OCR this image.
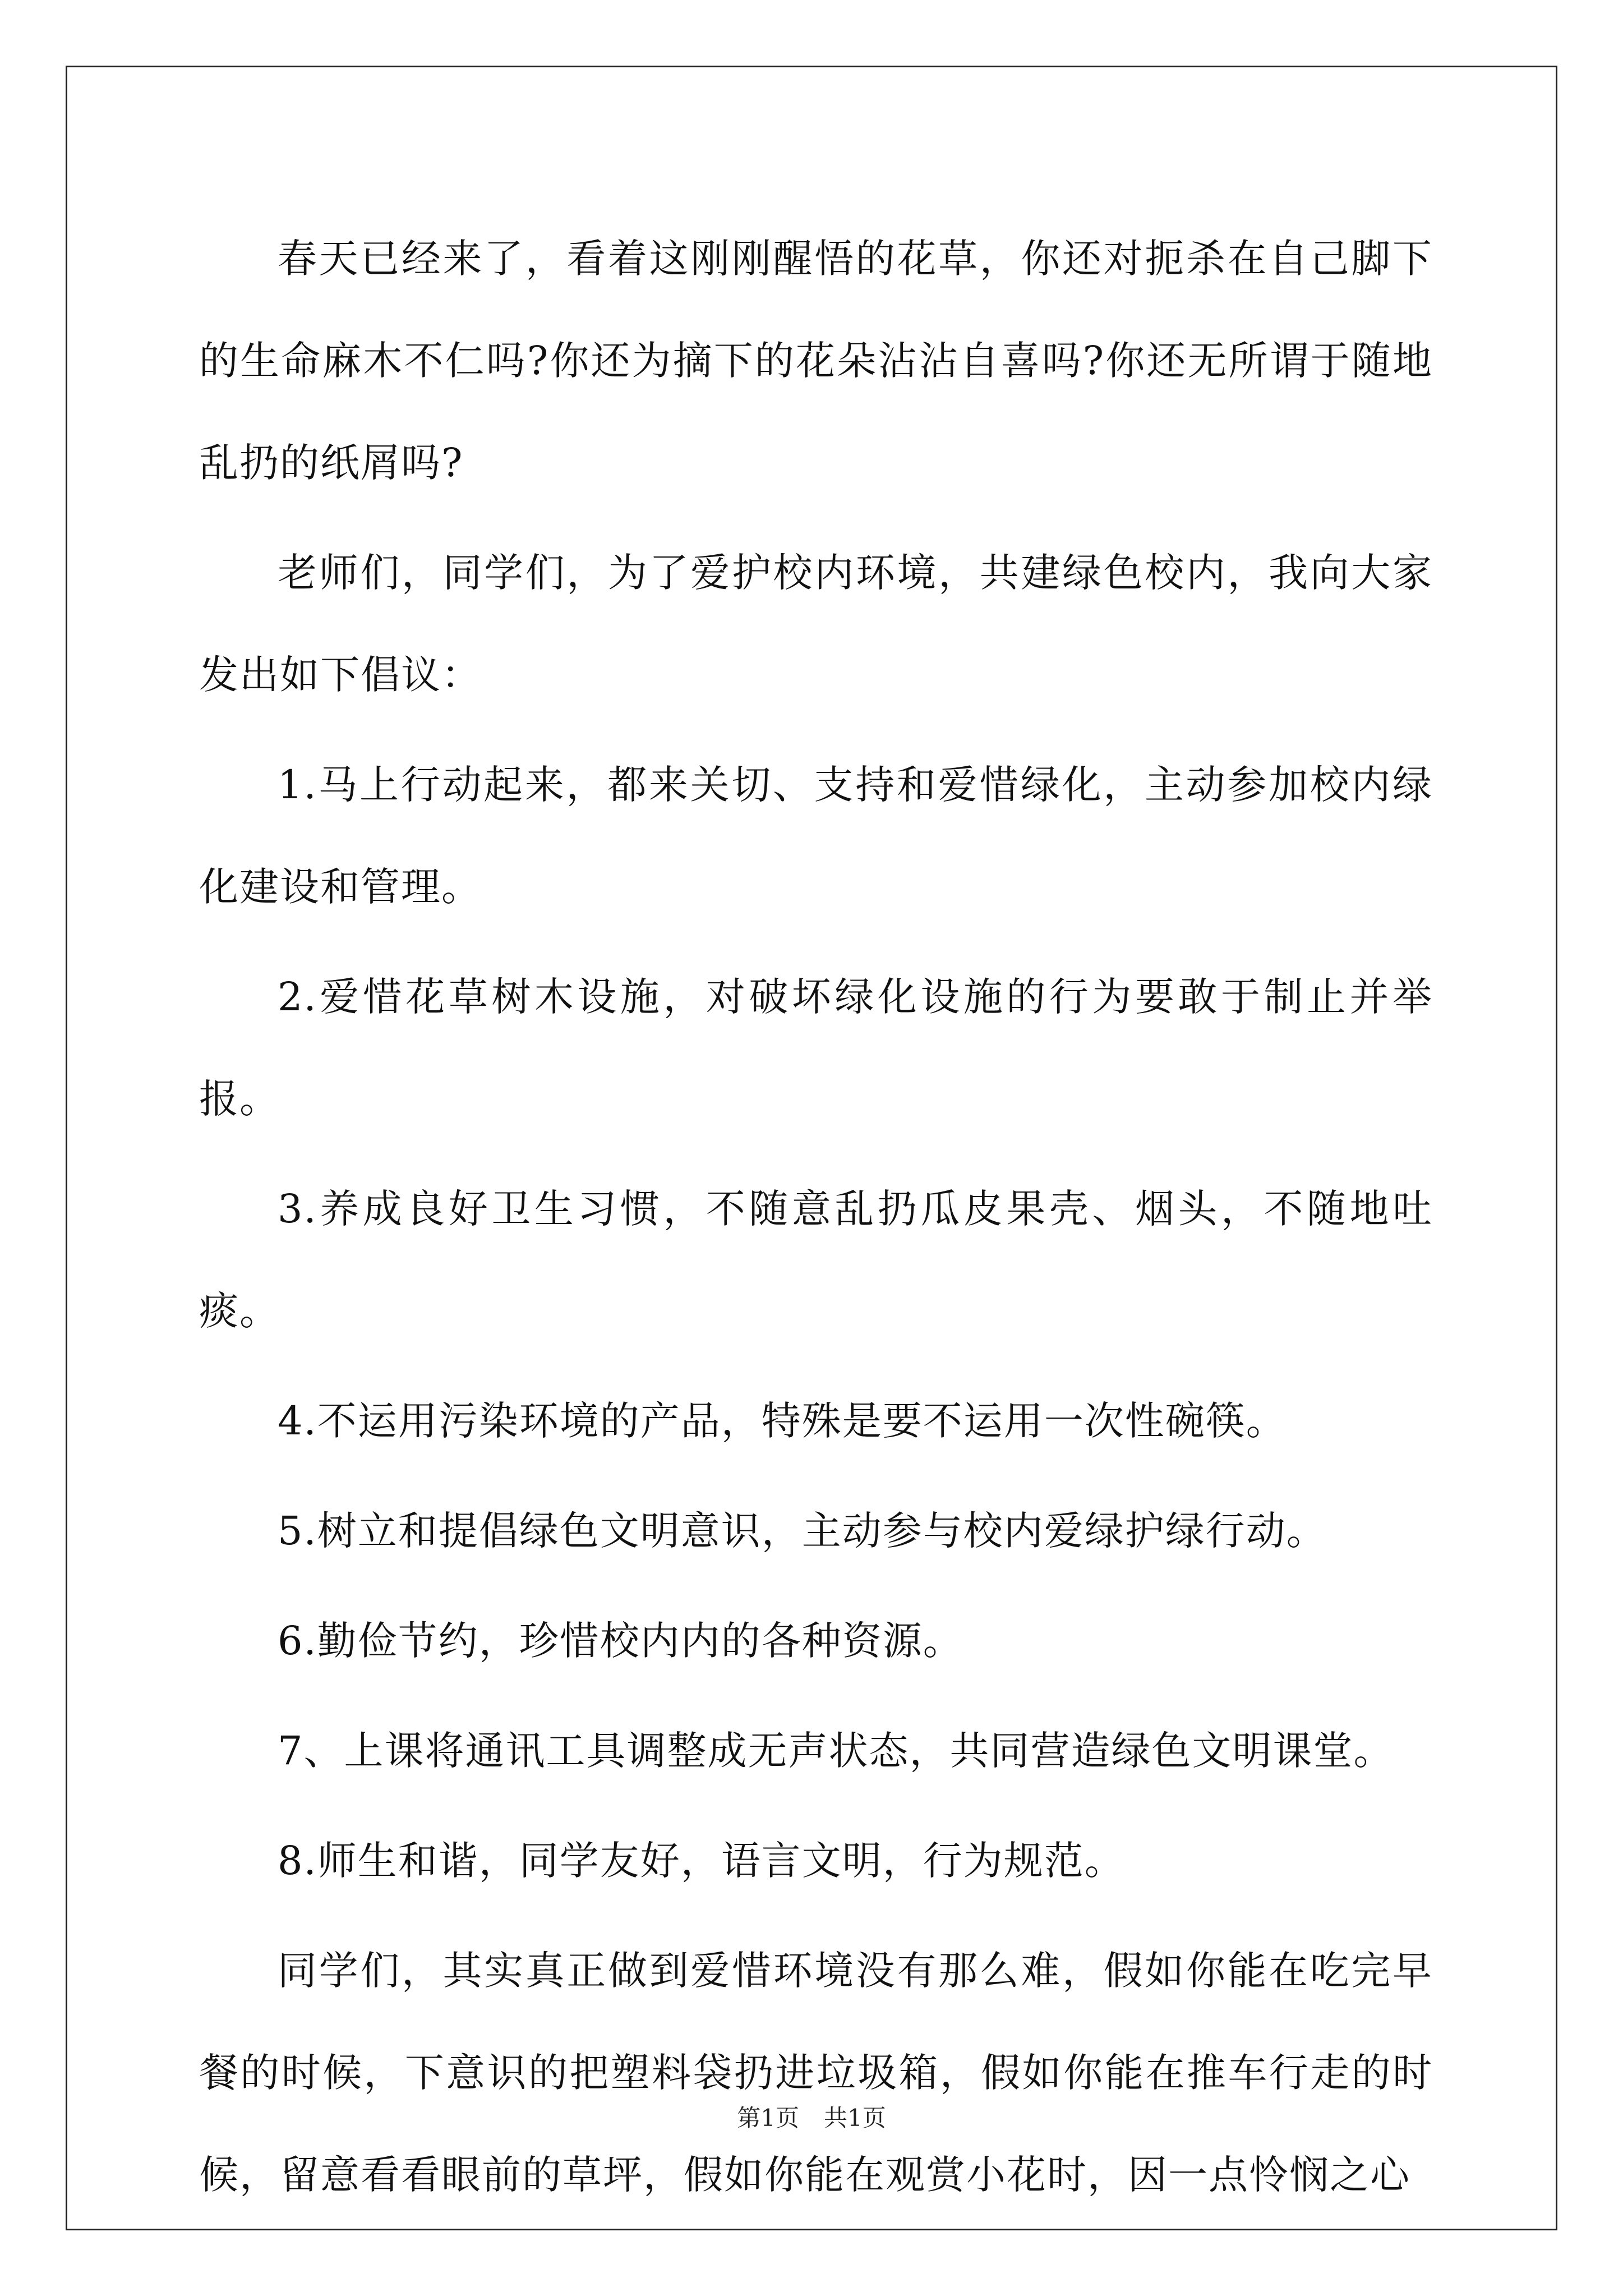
春天已经来了，看着这刚刚醒悟的花草，你还对扼杀在自己脚下的生命麻木不仁吗?你还为摘下的花朵沾沾自喜吗?你还无所谓于随地乱扔的纸屑吗?

老师们，同学们，为了爱护校内环境，共建绿色校内，我向大家发出如下倡议：

1.马上行动起来，都来关切、支持和爱惜绿化，主动参加校内绿化建设和管理。

2.爱惜花草树木设施，对破坏绿化设施的行为要敢于制止并举报。

3.养成良好卫生习惯，不随意乱扔瓜皮果壳、烟头，不随地吐痰。

4.不运用污染环境的产品，特殊是要不运用一次性碗筷。

5.树立和提倡绿色文明意识，主动参与校内爱绿护绿行动。

6.勤俭节约，珍惜校内内的各种资源。

7、上课将通讯工具调整成无声状态，共同营造绿色文明课堂。

8.师生和谐，同学友好，语言文明，行为规范。

同学们，其实真正做到爱惜环境没有那么难，假如你能在吃完早餐的时候，下意识的把塑料袋扔进垃圾箱，假如你能在推车行走的时候，留意看看眼前的草坪，假如你能在观赏小花时，因一点怜悯之心

第1页 共1页
